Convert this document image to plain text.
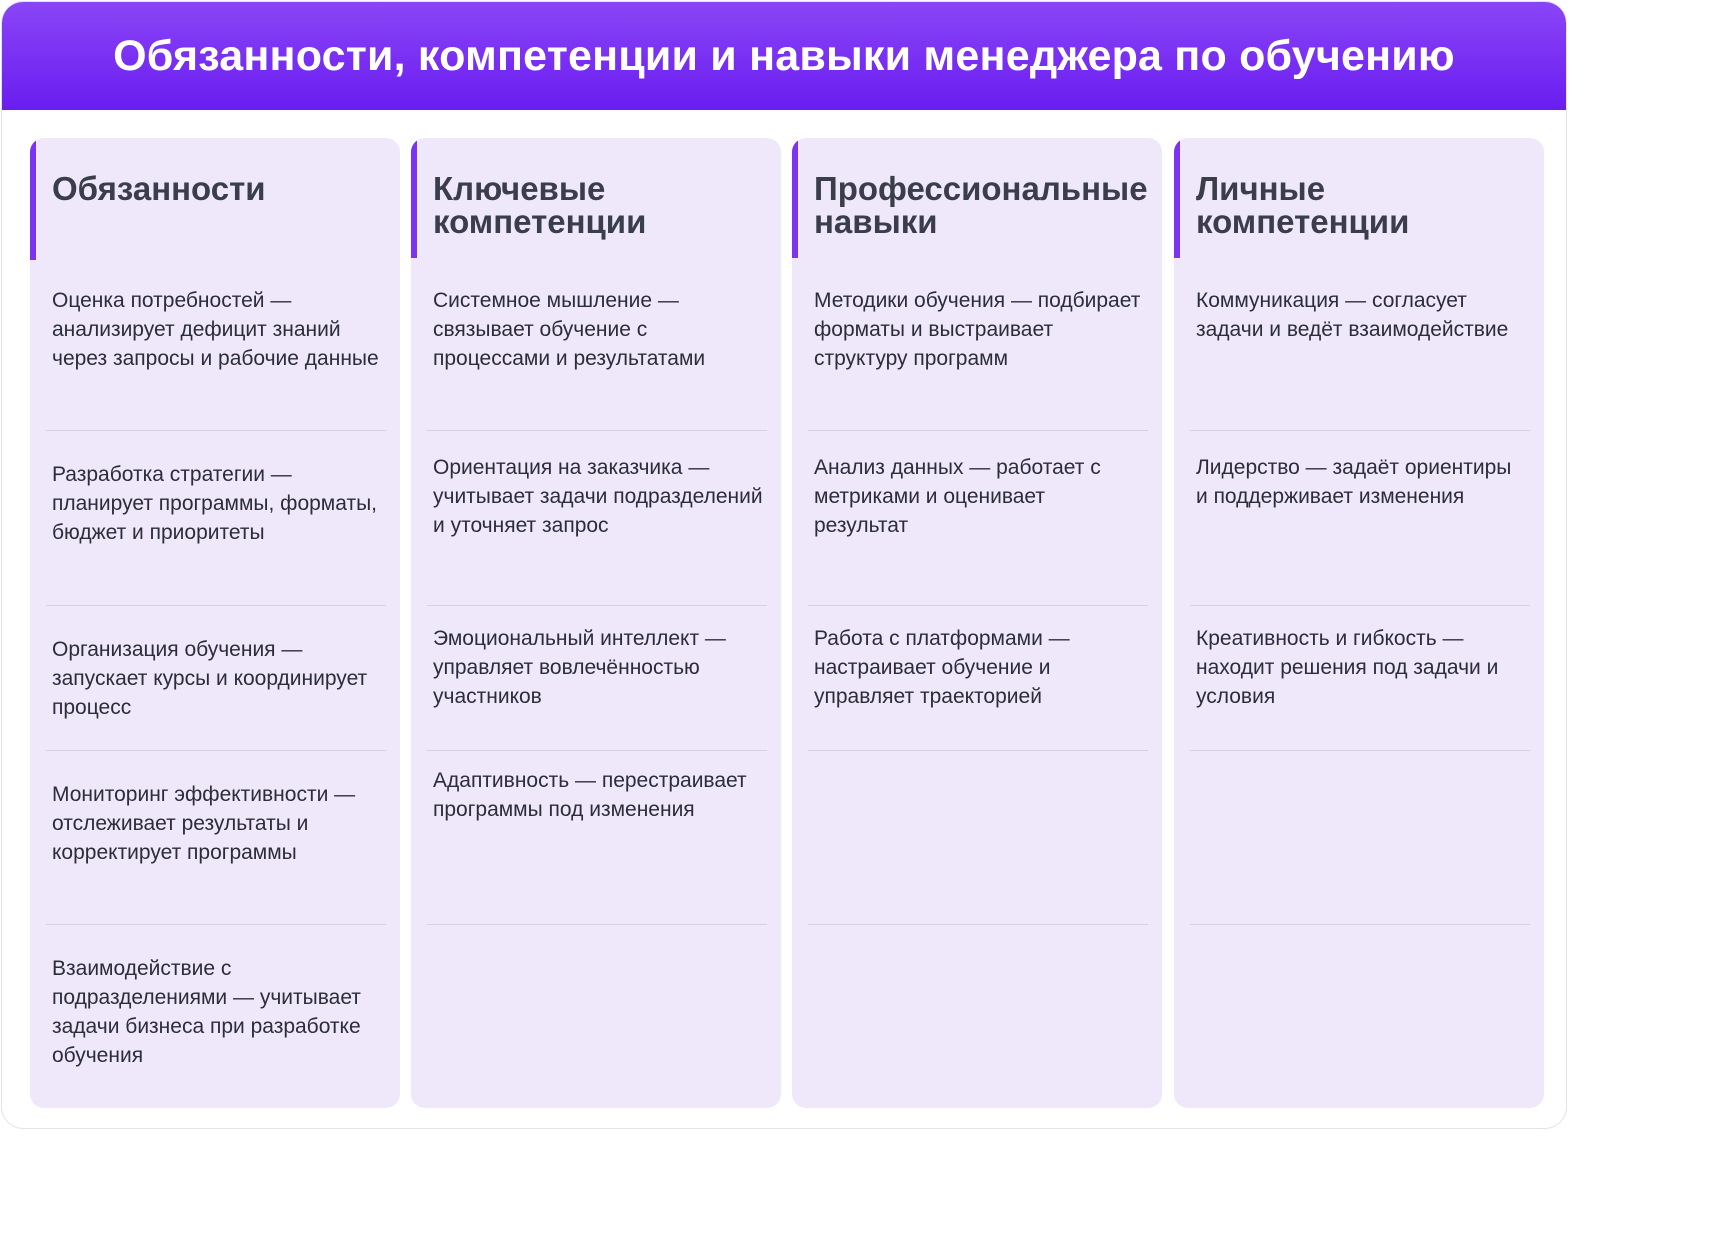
Обязанности, компетенции и навыки менеджера по обучению
Обязанности
Оценка потребностей — анализирует дефицит знаний через запросы и рабочие данные
Разработка стратегии — планирует программы, форматы, бюджет и приоритеты
Организация обучения — запускает курсы и координирует процесс
Мониторинг эффективности — отслеживает результаты и корректирует программы
Взаимодействие с подразделениями — учитывает задачи бизнеса при разработке обучения
Ключевые компетенции
Системное мышление — связывает обучение с процессами и результатами
Ориентация на заказчика — учитывает задачи подразделений и уточняет запрос
Эмоциональный интеллект — управляет вовлечённостью участников
Адаптивность — перестраивает программы под изменения
Профессиональные навыки
Методики обучения — подбирает форматы и выстраивает структуру программ
Анализ данных — работает с метриками и оценивает результат
Работа с платформами — настраивает обучение и управляет траекторией
Личные компетенции
Коммуникация — согласует задачи и ведёт взаимодействие
Лидерство — задаёт ориентиры и поддерживает изменения
Креативность и гибкость — находит решения под задачи и условия
